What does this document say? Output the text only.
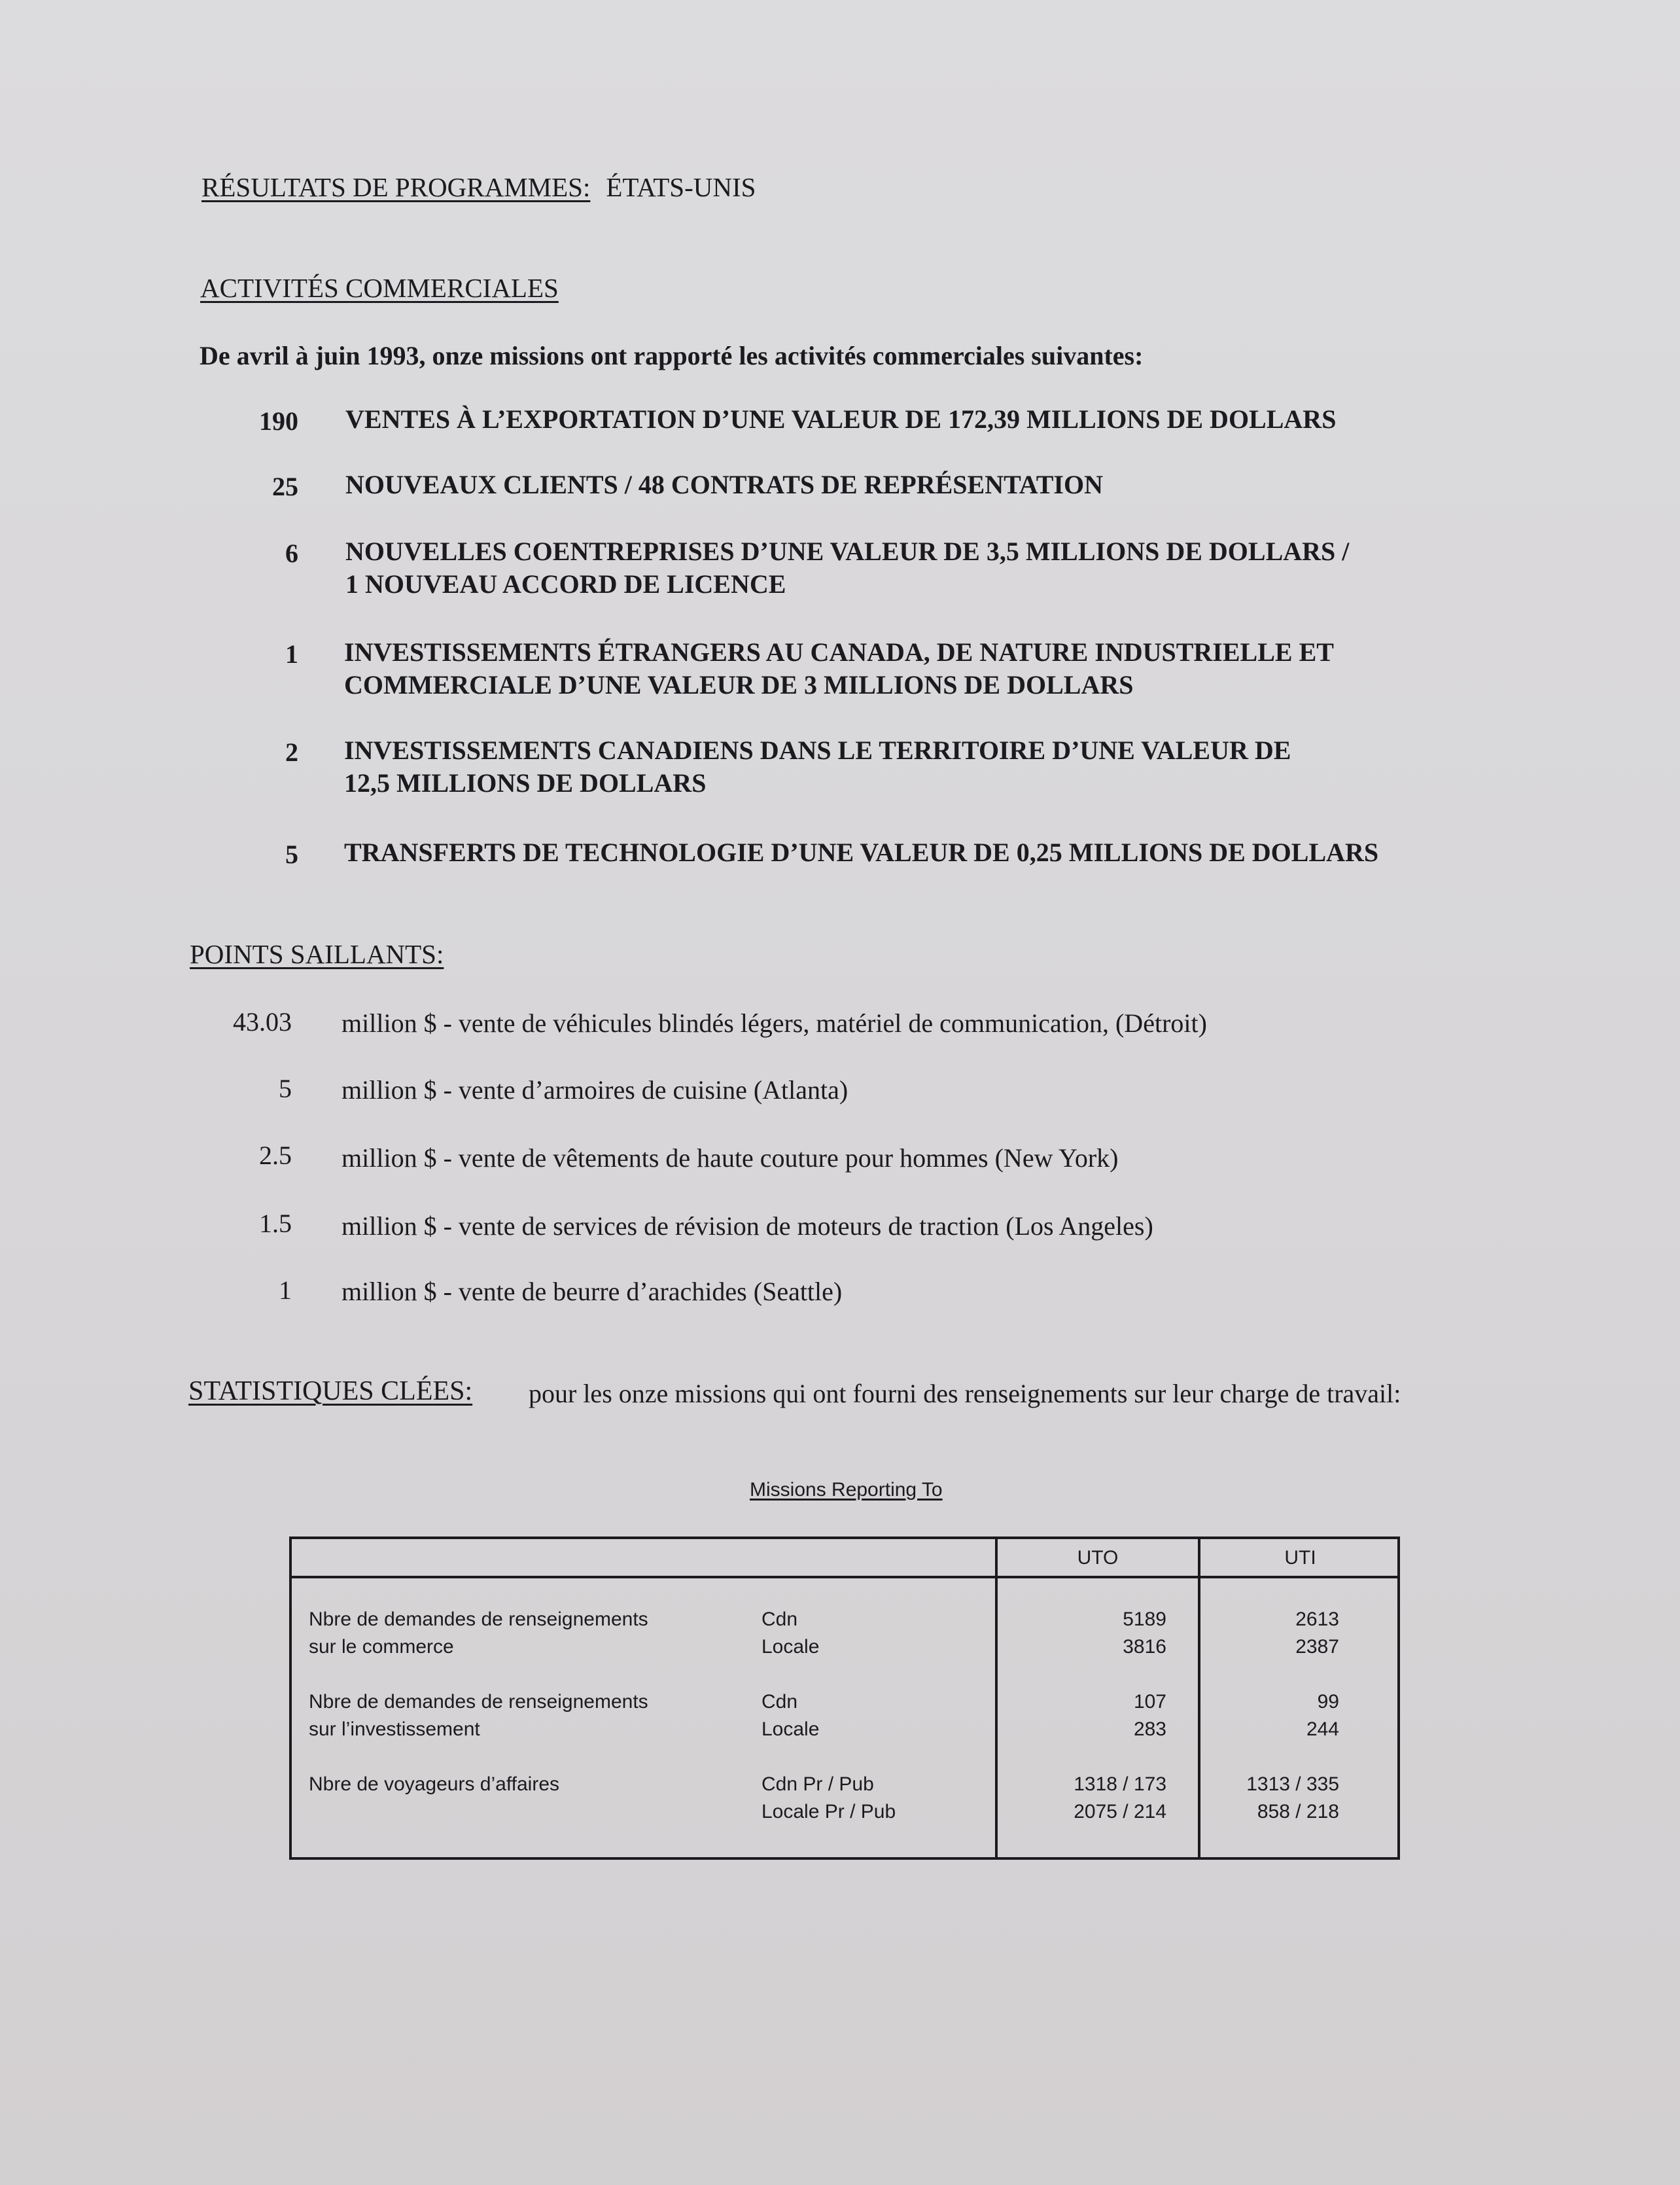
RÉSULTATS DE PROGRAMMES: ÉTATS-UNIS
ACTIVITÉS COMMERCIALES
De avril à juin 1993, onze missions ont rapporté les activités commerciales suivantes:
190 VENTES À L’EXPORTATION D’UNE VALEUR DE 172,39 MILLIONS DE DOLLARS
25 NOUVEAUX CLIENTS / 48 CONTRATS DE REPRÉSENTATION
6 NOUVELLES COENTREPRISES D’UNE VALEUR DE 3,5 MILLIONS DE DOLLARS /
1 NOUVEAU ACCORD DE LICENCE
1 INVESTISSEMENTS ÉTRANGERS AU CANADA, DE NATURE INDUSTRIELLE ET
COMMERCIALE D’UNE VALEUR DE 3 MILLIONS DE DOLLARS
2 INVESTISSEMENTS CANADIENS DANS LE TERRITOIRE D’UNE VALEUR DE
12,5 MILLIONS DE DOLLARS
5 TRANSFERTS DE TECHNOLOGIE D’UNE VALEUR DE 0,25 MILLIONS DE DOLLARS
POINTS SAILLANTS:
43.03 million $ - vente de véhicules blindés légers, matériel de communication, (Détroit)
5 million $ - vente d’armoires de cuisine (Atlanta)
2.5 million $ - vente de vêtements de haute couture pour hommes (New York)
1.5 million $ - vente de services de révision de moteurs de traction (Los Angeles)
1 million $ - vente de beurre d’arachides (Seattle)
STATISTIQUES CLÉES: pour les onze missions qui ont fourni des renseignements sur leur charge de travail:
Missions Reporting To
UTO	UTI
Nbre de demandes de renseignements
sur le commerce
Cdn
Locale
5189
3816
2613
2387
Nbre de demandes de renseignements
sur l’investissement
Cdn
Locale
107
283
99
244
Nbre de voyageurs d’affaires	Cdn Pr / Pub
Locale Pr / Pub
1318 / 173
2075 / 214
1313 / 335
858 / 218
